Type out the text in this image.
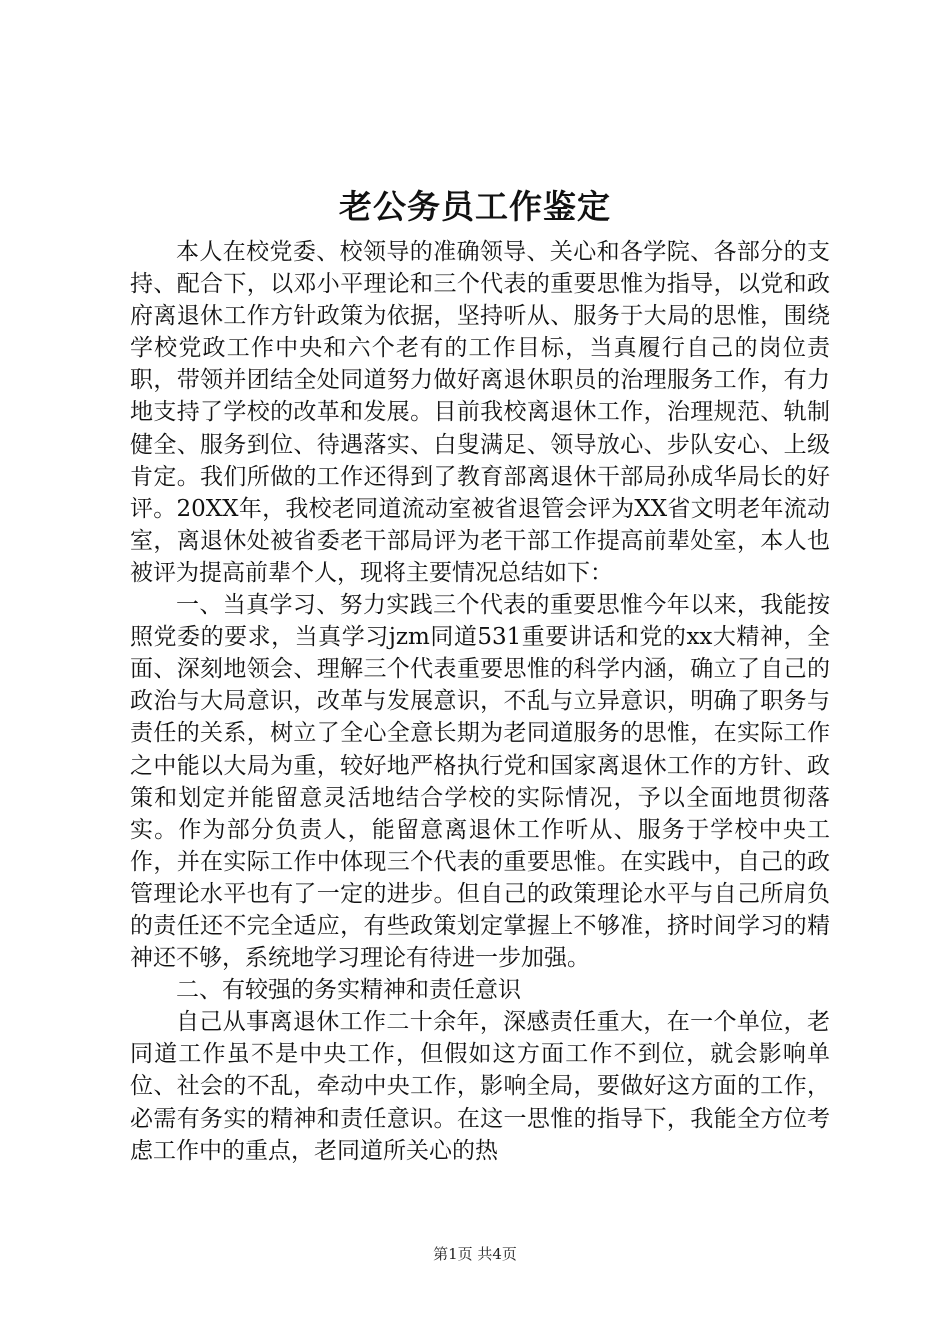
老公务员工作鉴定

本人在校党委、校领导的准确领导、关心和各学院、各部分的支持、配合下，以邓小平理论和三个代表的重要思惟为指导，以党和政府离退休工作方针政策为依据，坚持听从、服务于大局的思惟，围绕学校党政工作中央和六个老有的工作目标，当真履行自己的岗位责职，带领并团结全处同道努力做好离退休职员的治理服务工作，有力地支持了学校的改革和发展。目前我校离退休工作，治理规范、轨制健全、服务到位、待遇落实、白叟满足、领导放心、步队安心、上级肯定。我们所做的工作还得到了教育部离退休干部局孙成华局长的好评。20XX年，我校老同道流动室被省退管会评为XX省文明老年流动室，离退休处被省委老干部局评为老干部工作提高前辈处室，本人也被评为提高前辈个人，现将主要情况总结如下：

一、当真学习、努力实践三个代表的重要思惟今年以来，我能按照党委的要求，当真学习jzm同道531重要讲话和党的xx大精神，全面、深刻地领会、理解三个代表重要思惟的科学内涵，确立了自己的政治与大局意识，改革与发展意识，不乱与立异意识，明确了职务与责任的关系，树立了全心全意长期为老同道服务的思惟，在实际工作之中能以大局为重，较好地严格执行党和国家离退休工作的方针、政策和划定并能留意灵活地结合学校的实际情况，予以全面地贯彻落实。作为部分负责人，能留意离退休工作听从、服务于学校中央工作，并在实际工作中体现三个代表的重要思惟。在实践中，自己的政管理论水平也有了一定的进步。但自己的政策理论水平与自己所肩负的责任还不完全适应，有些政策划定掌握上不够准，挤时间学习的精神还不够，系统地学习理论有待进一步加强。

二、有较强的务实精神和责任意识

自己从事离退休工作二十余年，深感责任重大，在一个单位，老同道工作虽不是中央工作，但假如这方面工作不到位，就会影响单位、社会的不乱，牵动中央工作，影响全局，要做好这方面的工作，必需有务实的精神和责任意识。在这一思惟的指导下，我能全方位考虑工作中的重点，老同道所关心的热

第1页 共4页
